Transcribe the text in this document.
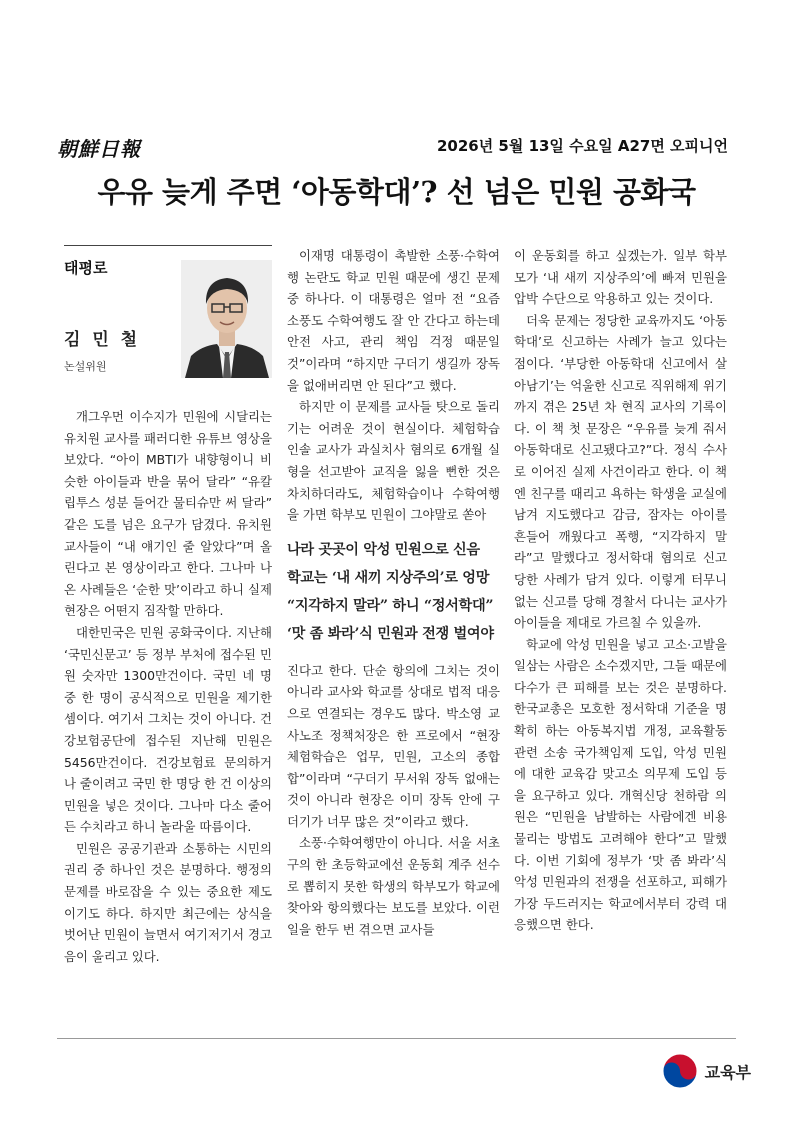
朝鮮日報	2026년 5월 13일 수요일 A27면 오피니언
우유 늦게 주면 ‘아동학대’? 선 넘은 민원 공화국
태평로
김 민 철
논설위원

개그우먼 이수지가 민원에 시달리는 유치원 교사를 패러디한 유튜브 영상을 보았다. “아이 MBTI가 내향형이니 비슷한 아이들과 반을 묶어 달라” “유칼립투스 성분 들어간 물티슈만 써 달라” 같은 도를 넘은 요구가 담겼다. 유치원 교사들이 “내 얘기인 줄 알았다”며 올린다고 본 영상이라고 한다. 그나마 나온 사례들은 ‘순한 맛’이라고 하니 실제 현장은 어떤지 짐작할 만하다.

대한민국은 민원 공화국이다. 지난해 ‘국민신문고’ 등 정부 부처에 접수된 민원 숫자만 1300만건이다. 국민 네 명 중 한 명이 공식적으로 민원을 제기한 셈이다. 여기서 그치는 것이 아니다. 건강보험공단에 접수된 지난해 민원은 5456만건이다. 건강보험료 문의하거나 줄이려고 국민 한 명당 한 건 이상의 민원을 넣은 것이다. 그나마 다소 줄어든 수치라고 하니 놀라울 따름이다.

민원은 공공기관과 소통하는 시민의 권리 중 하나인 것은 분명하다. 행정의 문제를 바로잡을 수 있는 중요한 제도이기도 하다. 하지만 최근에는 상식을 벗어난 민원이 늘면서 여기저기서 경고음이 울리고 있다.

이재명 대통령이 촉발한 소풍·수학여행 논란도 학교 민원 때문에 생긴 문제 중 하나다. 이 대통령은 얼마 전 “요즘 소풍도 수학여행도 잘 안 간다고 하는데 안전 사고, 관리 책임 걱정 때문일 것”이라며 “하지만 구더기 생길까 장독을 없애버리면 안 된다”고 했다.

하지만 이 문제를 교사들 탓으로 돌리기는 어려운 것이 현실이다. 체험학습 인솔 교사가 과실치사 혐의로 6개월 실형을 선고받아 교직을 잃을 뻔한 것은 차치하더라도, 체험학습이나 수학여행을 가면 학부모 민원이 그야말로 쏟아

나라 곳곳이 악성 민원으로 신음

학교는 ‘내 새끼 지상주의’로 엉망

“지각하지 말라” 하니 “정서학대”

‘맛 좀 봐라’식 민원과 전쟁 벌여야

진다고 한다. 단순 항의에 그치는 것이 아니라 교사와 학교를 상대로 법적 대응으로 연결되는 경우도 많다. 박소영 교사노조 정책처장은 한 프로에서 “현장체험학습은 업무, 민원, 고소의 종합 합”이라며 “구더기 무서워 장독 없애는 것이 아니라 현장은 이미 장독 안에 구더기가 너무 많은 것”이라고 했다.

소풍·수학여행만이 아니다. 서울 서초구의 한 초등학교에선 운동회 계주 선수로 뽑히지 못한 학생의 학부모가 학교에 찾아와 항의했다는 보도를 보았다. 이런 일을 한두 번 겪으면 교사들

이 운동회를 하고 싶겠는가. 일부 학부모가 ‘내 새끼 지상주의’에 빠져 민원을 압박 수단으로 악용하고 있는 것이다.

더욱 문제는 정당한 교육까지도 ‘아동학대’로 신고하는 사례가 늘고 있다는 점이다. ‘부당한 아동학대 신고에서 살아남기’는 억울한 신고로 직위해제 위기까지 겪은 25년 차 현직 교사의 기록이다. 이 책 첫 문장은 “우유를 늦게 줘서 아동학대로 신고됐다고?”다. 정식 수사로 이어진 실제 사건이라고 한다. 이 책엔 친구를 때리고 욕하는 학생을 교실에 남겨 지도했다고 감금, 잠자는 아이를 흔들어 깨웠다고 폭행, “지각하지 말라”고 말했다고 정서학대 혐의로 신고당한 사례가 담겨 있다. 이렇게 터무니없는 신고를 당해 경찰서 다니는 교사가 아이들을 제대로 가르칠 수 있을까.

학교에 악성 민원을 넣고 고소·고발을 일삼는 사람은 소수겠지만, 그들 때문에 다수가 큰 피해를 보는 것은 분명하다. 한국교총은 모호한 정서학대 기준을 명확히 하는 아동복지법 개정, 교육활동 관련 소송 국가책임제 도입, 악성 민원에 대한 교육감 맞고소 의무제 도입 등을 요구하고 있다. 개혁신당 천하람 의원은 “민원을 남발하는 사람에겐 비용 물리는 방법도 고려해야 한다”고 말했다. 이번 기회에 정부가 ‘맛 좀 봐라’식 악성 민원과의 전쟁을 선포하고, 피해가 가장 두드러지는 학교에서부터 강력 대응했으면 한다.

교육부
